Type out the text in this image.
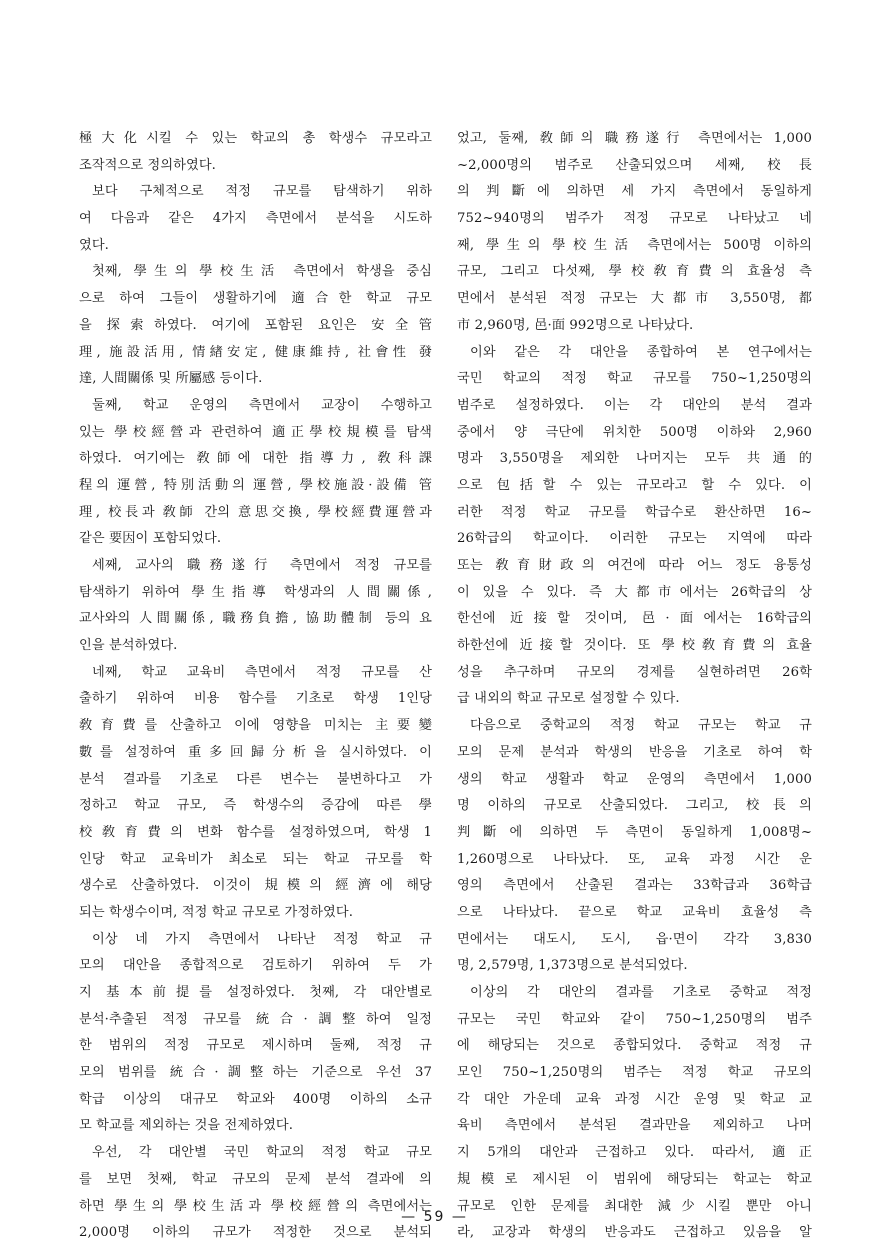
極大化시킬 수 있는 학교의 총 학생수 규모라고
조작적으로 정의하였다.
보다 구체적으로 적정 규모를 탐색하기 위하
여 다음과 같은 4가지 측면에서 분석을 시도하
였다.
첫째, 學生의 學校生活 측면에서 학생을 중심
으로 하여 그들이 생활하기에 適合한 학교 규모
을 探索하였다. 여기에 포함된 요인은 安全管
理, 施設活用, 情緖安定, 健康維持, 社會性 發
達, 人間關係 및 所屬感 등이다.
둘째, 학교 운영의 측면에서 교장이 수행하고
있는 學校經營과 관련하여 適正學校規模를 탐색
하였다. 여기에는 敎師에 대한 指導力, 敎科課
程의 運營, 特別活動의 運營, 學校施設·設備 管
理, 校長과 敎師 간의 意思交換, 學校經費運營과
같은 要因이 포함되었다.
세째, 교사의 職務遂行 측면에서 적정 규모를
탐색하기 위하여 學生指導 학생과의 人間關係,
교사와의 人間關係, 職務負擔, 協助體制 등의 요
인을 분석하였다.
네째, 학교 교육비 측면에서 적정 규모를 산
출하기 위하여 비용 함수를 기초로 학생 1인당
敎育費를 산출하고 이에 영향을 미치는 主要變
數를 설정하여 重多回歸分析을 실시하였다. 이
분석 결과를 기초로 다른 변수는 불변하다고 가
정하고 학교 규모, 즉 학생수의 증감에 따른 學
校敎育費의 변화 함수를 설정하였으며, 학생 1
인당 학교 교육비가 최소로 되는 학교 규모를 학
생수로 산출하였다. 이것이 規模의 經濟에 해당
되는 학생수이며, 적정 학교 규모로 가정하였다.
이상 네 가지 측면에서 나타난 적정 학교 규
모의 대안을 종합적으로 검토하기 위하여 두 가
지 基本前提를 설정하였다. 첫째, 각 대안별로
분석·추출된 적정 규모를 統合·調整하여 일정
한 범위의 적정 규모로 제시하며 둘째, 적정 규
모의 범위를 統合·調整하는 기준으로 우선 37
학급 이상의 대규모 학교와 400명 이하의 소규
모 학교를 제외하는 것을 전제하였다.
우선, 각 대안별 국민 학교의 적정 학교 규모
를 보면 첫째, 학교 규모의 문제 분석 결과에 의
하면 學生의 學校生活과 學校經營의 측면에서는
2,000명 이하의 규모가 적정한 것으로 분석되
었고, 둘째, 敎師의 職務遂行 측면에서는 1,000
~2,000명의 범주로 산출되었으며 세째, 校長
의 判斷에 의하면 세 가지 측면에서 동일하게
752~940명의 범주가 적정 규모로 나타났고 네
째, 學生의 學校生活 측면에서는 500명 이하의
규모, 그리고 다섯째, 學校敎育費의 효율성 측
면에서 분석된 적정 규모는 大都市 3,550명, 都
市 2,960명, 邑·面 992명으로 나타났다.
이와 같은 각 대안을 종합하여 본 연구에서는
국민 학교의 적정 학교 규모를 750~1,250명의
범주로 설정하였다. 이는 각 대안의 분석 결과
중에서 양 극단에 위치한 500명 이하와 2,960
명과 3,550명을 제외한 나머지는 모두 共通的
으로 包括할 수 있는 규모라고 할 수 있다. 이
러한 적정 학교 규모를 학급수로 환산하면 16~
26학급의 학교이다. 이러한 규모는 지역에 따라
또는 敎育財政의 여건에 따라 어느 정도 융통성
이 있을 수 있다. 즉 大都市에서는 26학급의 상
한선에 近接할 것이며, 邑·面에서는 16학급의
하한선에 近接할 것이다. 또 學校敎育費의 효율
성을 추구하며 규모의 경제를 실현하려면 26학
급 내외의 학교 규모로 설정할 수 있다.
다음으로 중학교의 적정 학교 규모는 학교 규
모의 문제 분석과 학생의 반응을 기초로 하여 학
생의 학교 생활과 학교 운영의 측면에서 1,000
명 이하의 규모로 산출되었다. 그리고, 校長의
判斷에 의하면 두 측면이 동일하게 1,008명~
1,260명으로 나타났다. 또, 교육 과정 시간 운
영의 측면에서 산출된 결과는 33학급과 36학급
으로 나타났다. 끝으로 학교 교육비 효율성 측
면에서는 대도시, 도시, 읍·면이 각각 3,830
명, 2,579명, 1,373명으로 분석되었다.
이상의 각 대안의 결과를 기초로 중학교 적정
규모는 국민 학교와 같이 750~1,250명의 범주
에 해당되는 것으로 종합되었다. 중학교 적정 규
모인 750~1,250명의 범주는 적정 학교 규모의
각 대안 가운데 교육 과정 시간 운영 및 학교 교
육비 측면에서 분석된 결과만을 제외하고 나머
지 5개의 대안과 근접하고 있다. 따라서, 適正
規模로 제시된 이 범위에 해당되는 학교는 학교
규모로 인한 문제를 최대한 減少시킬 뿐만 아니
라, 교장과 학생의 반응과도 근접하고 있음을 알
— 59 —
